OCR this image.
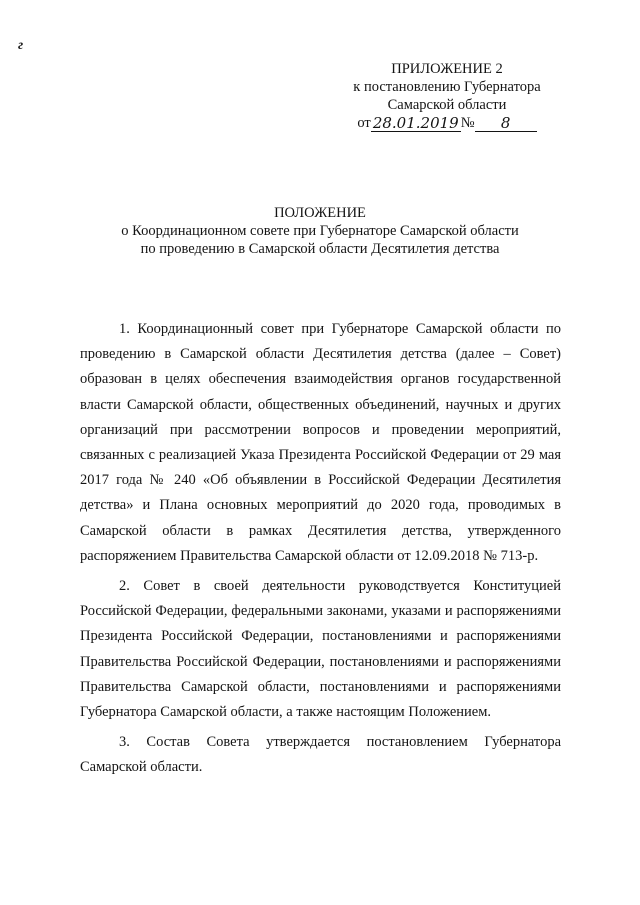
г
ПРИЛОЖЕНИЕ 2
к постановлению Губернатора
Самарской области
от 28.01.2019 №	8
ПОЛОЖЕНИЕ
о Координационном совете при Губернаторе Самарской области
по проведению в Самарской области Десятилетия детства

1. Координационный совет при Губернаторе Самарской области по проведению в Самарской области Десятилетия детства (далее – Совет) образован в целях обеспечения взаимодействия органов государственной власти Самарской области, общественных объединений, научных и других организаций при рассмотрении вопросов и проведении мероприятий, связанных с реализацией Указа Президента Российской Федерации от 29 мая 2017 года № 240 «Об объявлении в Российской Федерации Десятилетия детства» и Плана основных мероприятий до 2020 года, проводимых в Самарской области в рамках Десятилетия детства, утвержденного распоряжением Правительства Самарской области от 12.09.2018 № 713-р.

2. Совет в своей деятельности руководствуется Конституцией Российской Федерации, федеральными законами, указами и распоряжениями Президента Российской Федерации, постановлениями и распоряжениями Правительства Российской Федерации, постановлениями и распоряжениями Правительства Самарской области, постановлениями и распоряжениями Губернатора Самарской области, а также настоящим Положением.

3. Состав Совета утверждается постановлением Губернатора Самарской области.
